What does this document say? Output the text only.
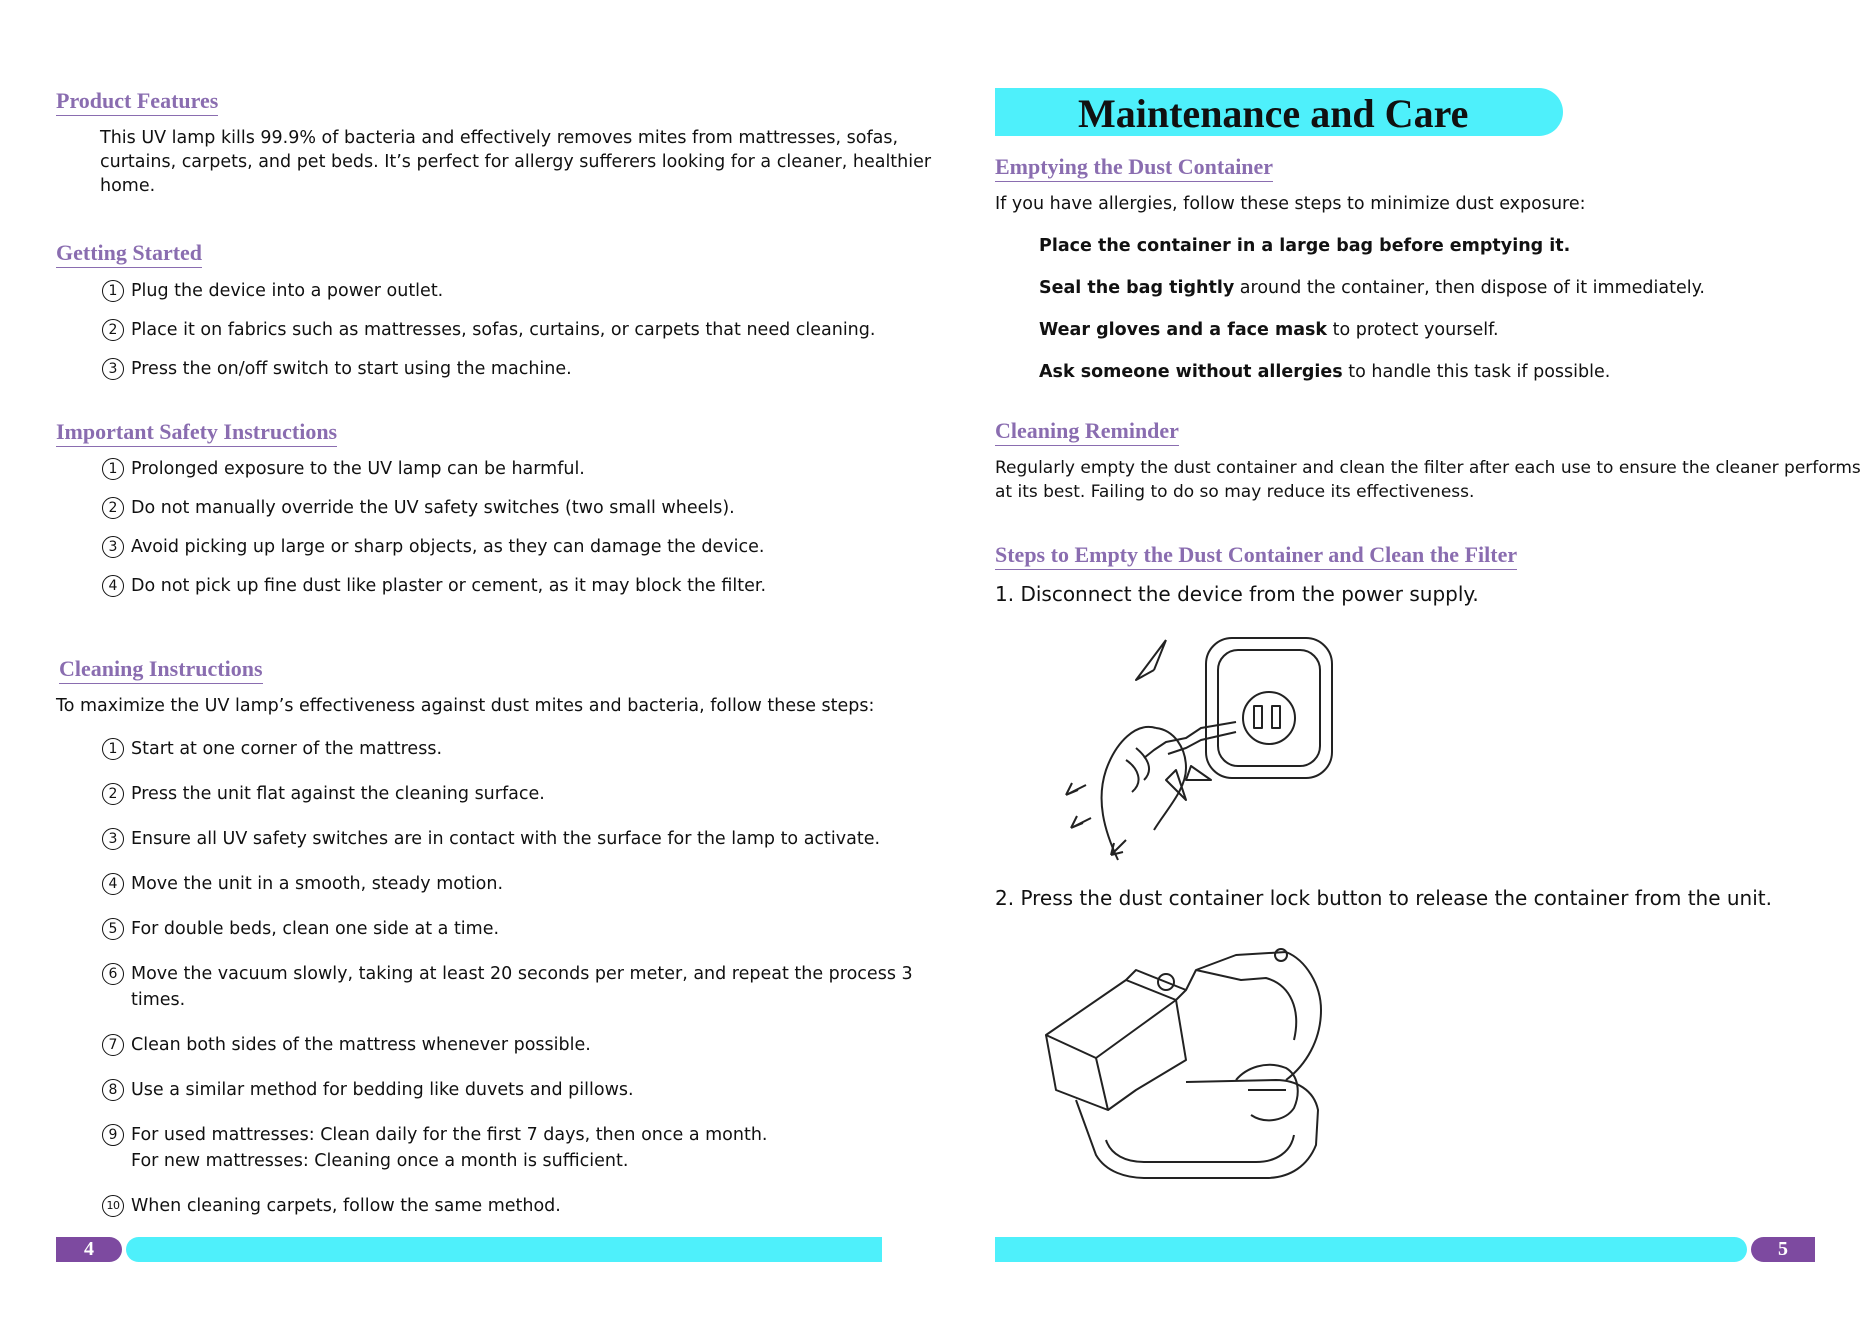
Product Features
This UV lamp kills 99.9% of bacteria and effectively removes mites from mattresses, sofas,
curtains, carpets, and pet beds. It’s perfect for allergy sufferers looking for a cleaner, healthier
home.
Getting Started
1 Plug the device into a power outlet.
2 Place it on fabrics such as mattresses, sofas, curtains, or carpets that need cleaning.
3 Press the on/off switch to start using the machine.
Important Safety Instructions
1 Prolonged exposure to the UV lamp can be harmful.
2 Do not manually override the UV safety switches (two small wheels).
3 Avoid picking up large or sharp objects, as they can damage the device.
4 Do not pick up fine dust like plaster or cement, as it may block the filter.
Cleaning Instructions
To maximize the UV lamp’s effectiveness against dust mites and bacteria, follow these steps:
1 Start at one corner of the mattress.
2 Press the unit flat against the cleaning surface.
3 Ensure all UV safety switches are in contact with the surface for the lamp to activate.
4 Move the unit in a smooth, steady motion.
5 For double beds, clean one side at a time.
6 Move the vacuum slowly, taking at least 20 seconds per meter, and repeat the process 3
times.
7 Clean both sides of the mattress whenever possible.
8 Use a similar method for bedding like duvets and pillows.
9 For used mattresses: Clean daily for the first 7 days, then once a month.
For new mattresses: Cleaning once a month is sufficient.
10 When cleaning carpets, follow the same method.
4
Maintenance and Care
Emptying the Dust Container
If you have allergies, follow these steps to minimize dust exposure:
Place the container in a large bag before emptying it.
Seal the bag tightly around the container, then dispose of it immediately.
Wear gloves and a face mask to protect yourself.
Ask someone without allergies to handle this task if possible.
Cleaning Reminder
Regularly empty the dust container and clean the filter after each use to ensure the cleaner performs
at its best. Failing to do so may reduce its effectiveness.
Steps to Empty the Dust Container and Clean the Filter
1. Disconnect the device from the power supply.
2. Press the dust container lock button to release the container from the unit.
5
